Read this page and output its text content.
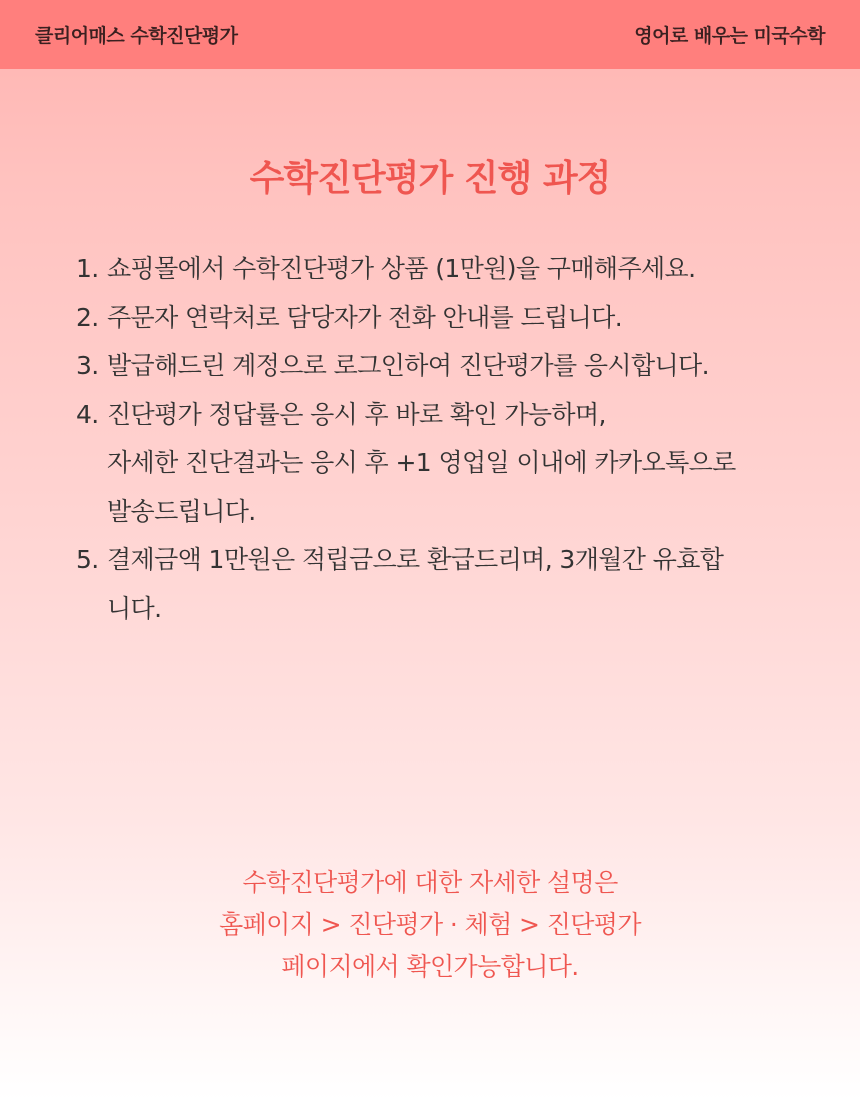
클리어매스 수학진단평가	영어로 배우는 미국수학
수학진단평가 진행 과정
1. 쇼핑몰에서 수학진단평가 상품 (1만원)을 구매해주세요.
2. 주문자 연락처로 담당자가 전화 안내를 드립니다.
3. 발급해드린 계정으로 로그인하여 진단평가를 응시합니다.
4. 진단평가 정답률은 응시 후 바로 확인 가능하며,
자세한 진단결과는 응시 후 +1 영업일 이내에 카카오톡으로
발송드립니다.
5. 결제금액 1만원은 적립금으로 환급드리며, 3개월간 유효합
니다.
수학진단평가에 대한 자세한 설명은
홈페이지 > 진단평가 · 체험 > 진단평가
페이지에서 확인가능합니다.
